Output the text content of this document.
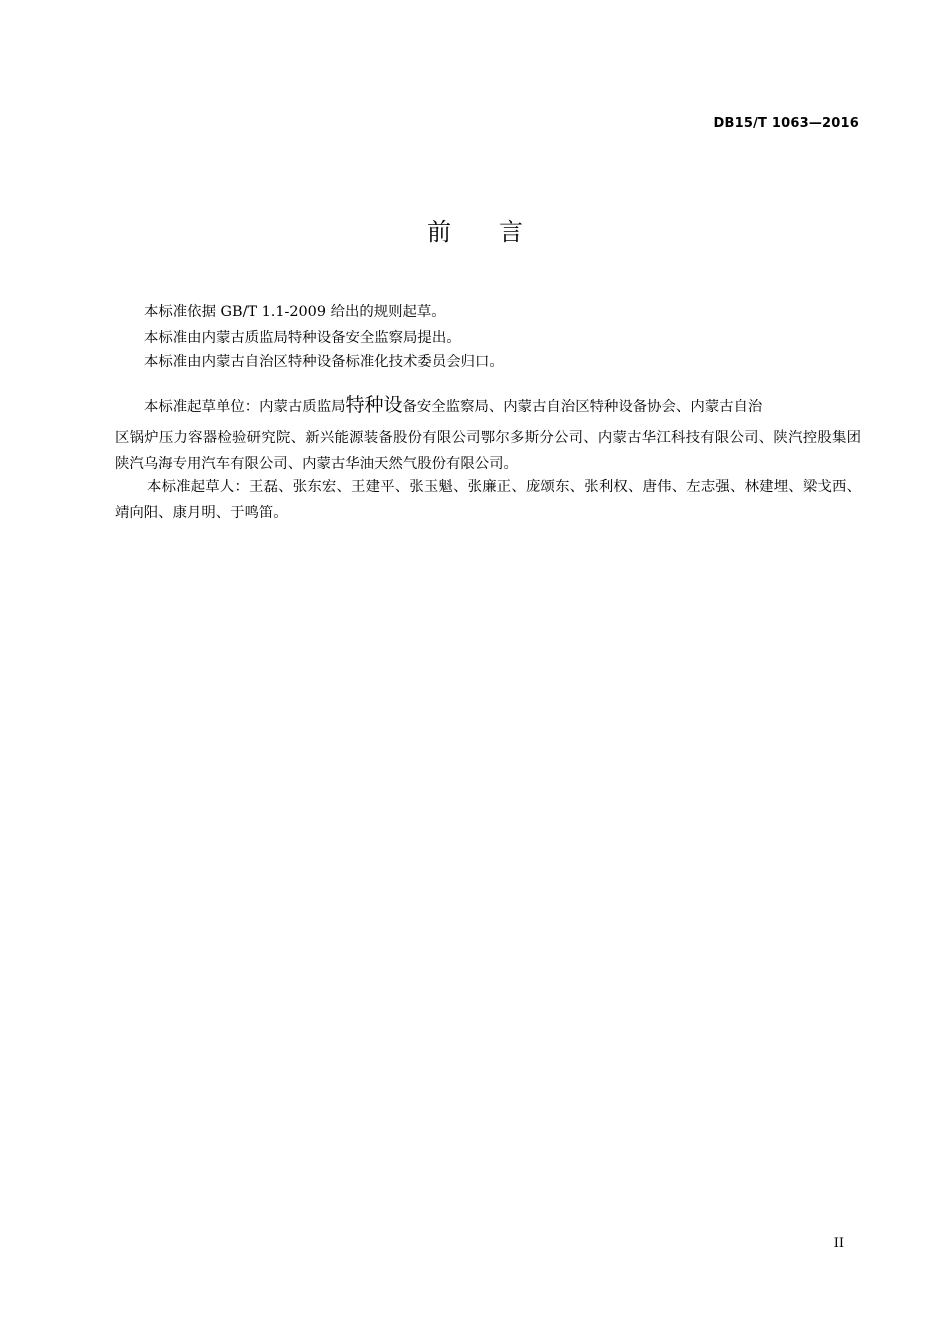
DB15/T 1063—2016
前言

本标准依据 GB/T 1.1-2009 给出的规则起草。

本标准由内蒙古质监局特种设备安全监察局提出。

本标准由内蒙古自治区特种设备标准化技术委员会归口。

本标准起草单位：内蒙古质监局特种设备安全监察局、内蒙古自治区特种设备协会、内蒙古自治

区锅炉压力容器检验研究院、新兴能源装备股份有限公司鄂尔多斯分公司、内蒙古华江科技有限公司、陕汽控股集团陕汽乌海专用汽车有限公司、内蒙古华油天然气股份有限公司。

本标准起草人：王磊、张东宏、王建平、张玉魁、张廉正、庞颂东、张利权、唐伟、左志强、林建埋、梁戈西、靖向阳、康月明、于鸣笛。

II
